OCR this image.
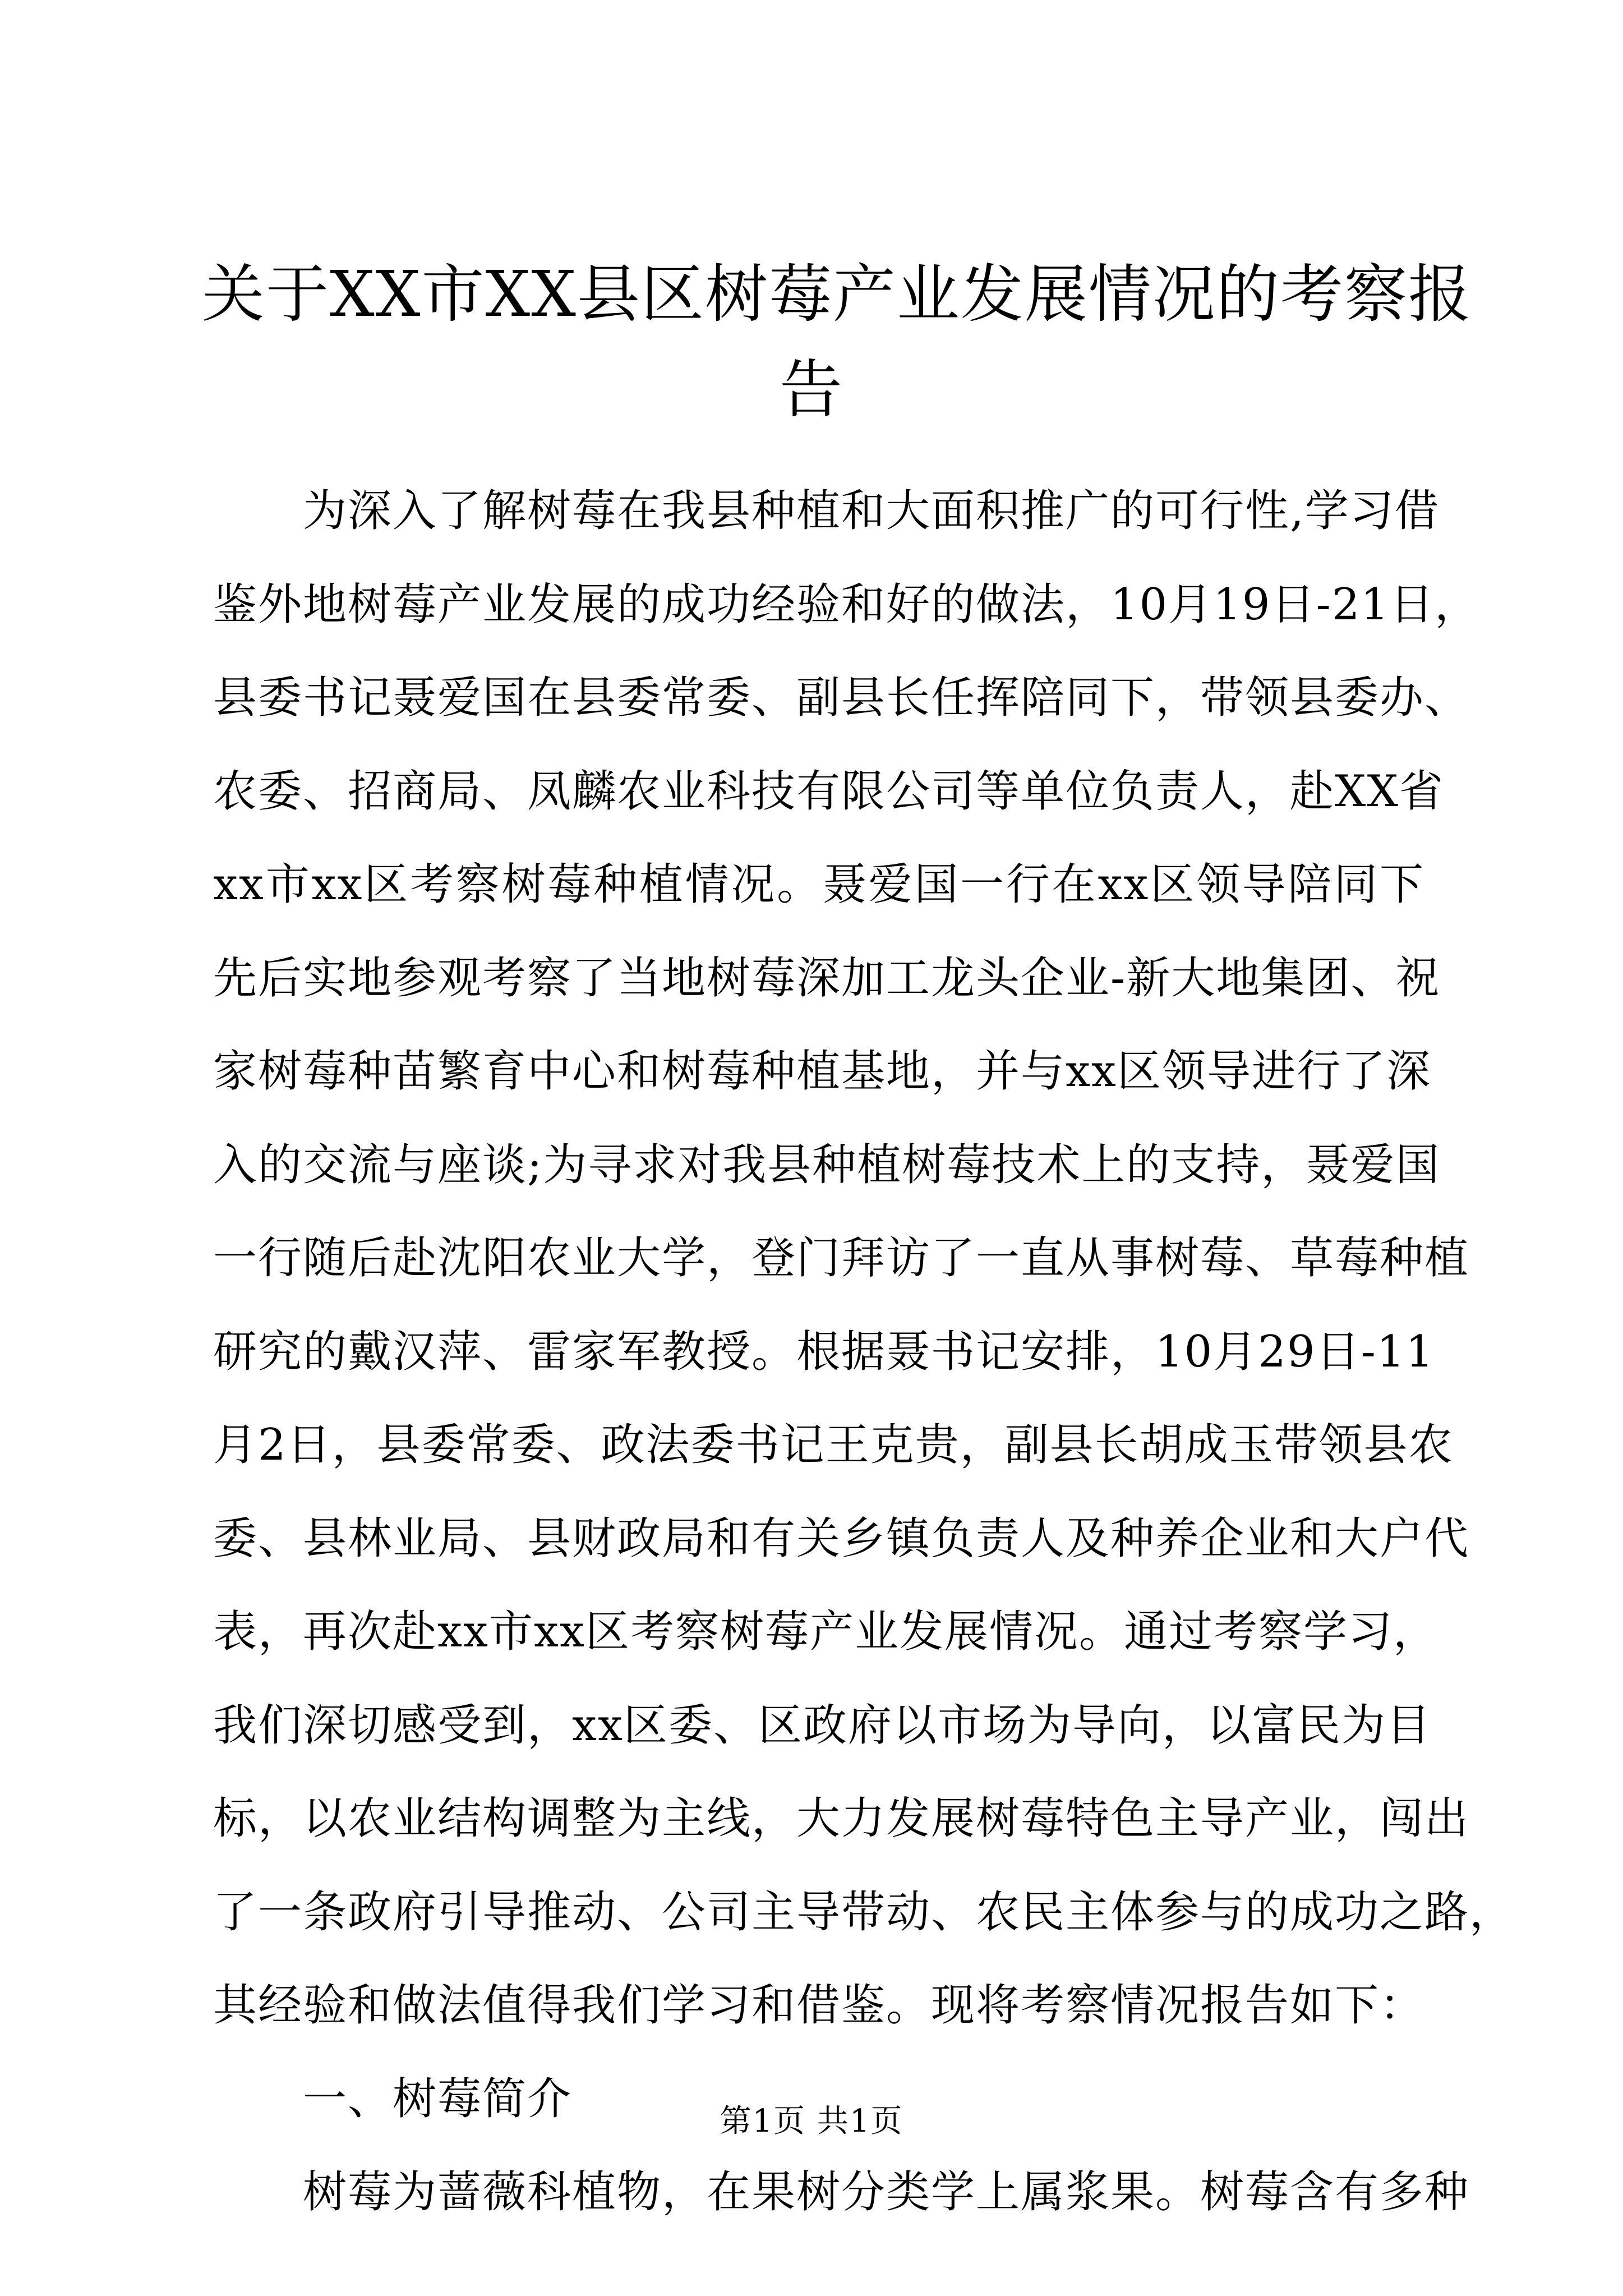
关于XX市XX县区树莓产业发展情况的考察报
告
为深入了解树莓在我县种植和大面积推广的可行性,学习借
鉴外地树莓产业发展的成功经验和好的做法，10月19日-21日，
县委书记聂爱国在县委常委、副县长任挥陪同下，带领县委办、
农委、招商局、凤麟农业科技有限公司等单位负责人，赴XX省
xx市xx区考察树莓种植情况。聂爱国一行在xx区领导陪同下
先后实地参观考察了当地树莓深加工龙头企业-新大地集团、祝
家树莓种苗繁育中心和树莓种植基地，并与xx区领导进行了深
入的交流与座谈;为寻求对我县种植树莓技术上的支持，聂爱国
一行随后赴沈阳农业大学，登门拜访了一直从事树莓、草莓种植
研究的戴汉萍、雷家军教授。根据聂书记安排，10月29日-11
月2日，县委常委、政法委书记王克贵，副县长胡成玉带领县农
委、县林业局、县财政局和有关乡镇负责人及种养企业和大户代
表，再次赴xx市xx区考察树莓产业发展情况。通过考察学习，
我们深切感受到，xx区委、区政府以市场为导向，以富民为目
标，以农业结构调整为主线，大力发展树莓特色主导产业，闯出
了一条政府引导推动、公司主导带动、农民主体参与的成功之路，
其经验和做法值得我们学习和借鉴。现将考察情况报告如下：
一、树莓简介
树莓为蔷薇科植物，在果树分类学上属浆果。树莓含有多种
第1页 共1页
